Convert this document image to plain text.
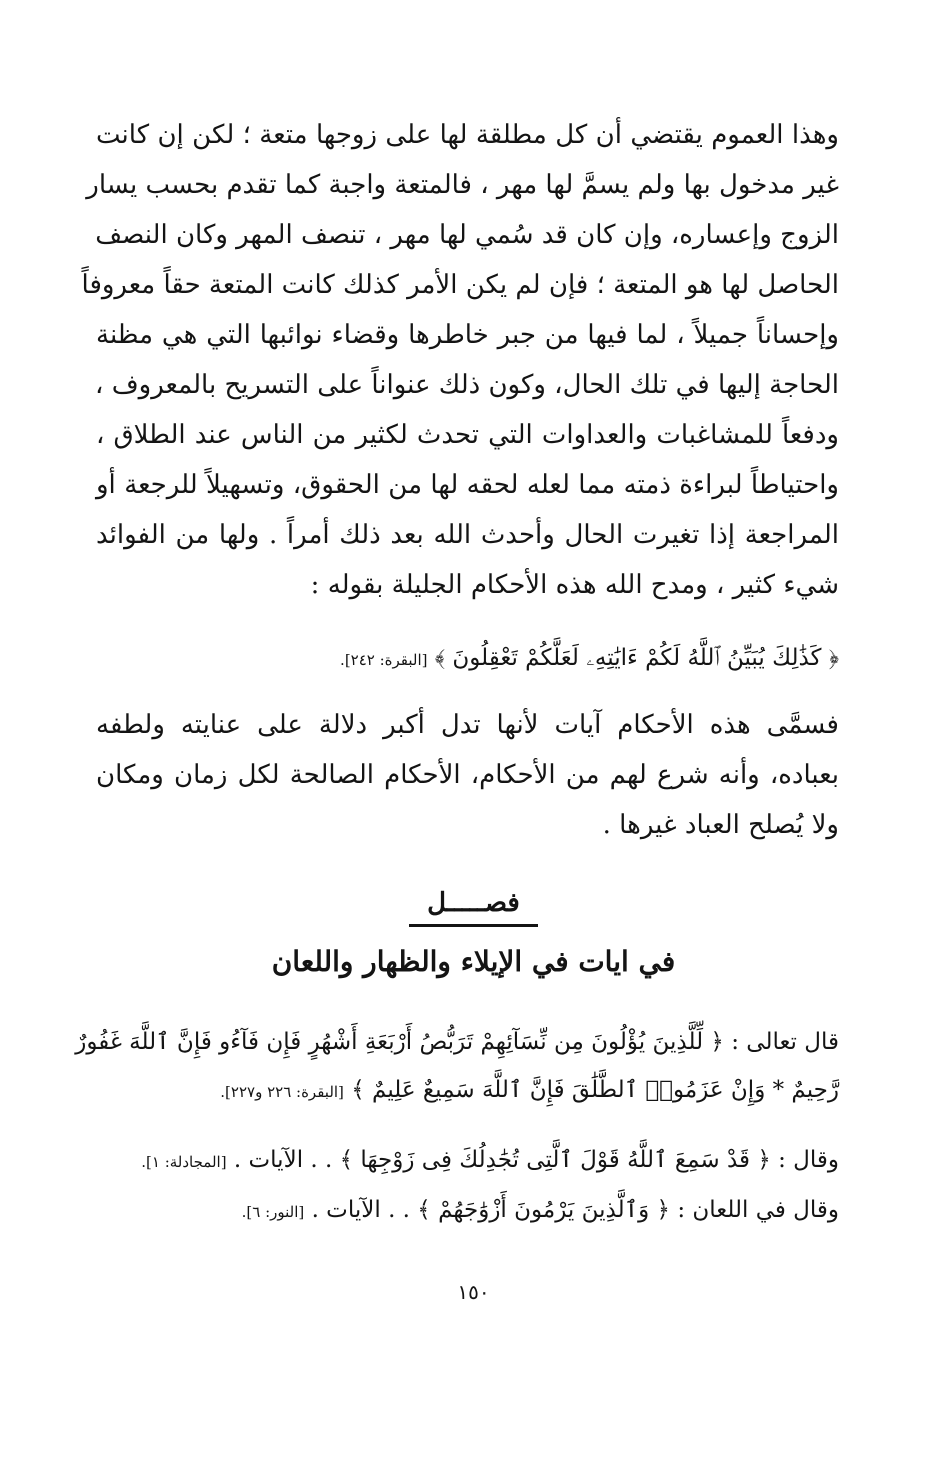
وهذا العموم يقتضي أن كل مطلقة لها على زوجها متعة ؛ لكن إن كانت
غير مدخول بها ولم يسمَّ لها مهر ، فالمتعة واجبة كما تقدم بحسب يسار
الزوج وإعساره، وإن كان قد سُمي لها مهر ، تنصف المهر وكان النصف
الحاصل لها هو المتعة ؛ فإن لم يكن الأمر كذلك كانت المتعة حقاً معروفاً
وإحساناً جميلاً ، لما فيها من جبر خاطرها وقضاء نوائبها التي هي مظنة
الحاجة إليها في تلك الحال، وكون ذلك عنواناً على التسريح بالمعروف ،
ودفعاً للمشاغبات والعداوات التي تحدث لكثير من الناس عند الطلاق ،
واحتياطاً لبراءة ذمته مما لعله لحقه لها من الحقوق، وتسهيلاً للرجعة أو
المراجعة إذا تغيرت الحال وأحدث الله بعد ذلك أمراً . ولها من الفوائد
شيء كثير ، ومدح الله هذه الأحكام الجليلة بقوله :
﴿ كَذَٰلِكَ يُبَيِّنُ ٱللَّهُ لَكُمْ ءَايَٰتِهِۦ لَعَلَّكُمْ تَعْقِلُونَ ﴾ [البقرة: ٢٤٢].
فسمَّى هذه الأحكام آيات لأنها تدل أكبر دلالة على عنايته ولطفه
بعباده، وأنه شرع لهم من الأحكام، الأحكام الصالحة لكل زمان ومكان
ولا يُصلح العباد غيرها .
فصـــــل
في ايات في الإيلاء والظهار واللعان
قال تعالى : ﴿ لِّلَّذِينَ يُؤْلُونَ مِن نِّسَآئِهِمْ تَرَبُّصُ أَرْبَعَةِ أَشْهُرٍ فَإِن فَآءُو فَإِنَّ ٱللَّهَ غَفُورٌ
رَّحِيمٌ * وَإِنْ عَزَمُوا۟ ٱلطَّلَٰقَ فَإِنَّ ٱللَّهَ سَمِيعٌ عَلِيمٌ ﴾ [البقرة: ٢٢٦ و٢٢٧].
وقال : ﴿ قَدْ سَمِعَ ٱللَّهُ قَوْلَ ٱلَّتِى تُجَٰدِلُكَ فِى زَوْجِهَا ﴾ . . الآيات . [المجادلة: ١].
وقال في اللعان : ﴿ وَٱلَّذِينَ يَرْمُونَ أَزْوَٰجَهُمْ ﴾ . . الآيات . [النور: ٦].
١٥٠
